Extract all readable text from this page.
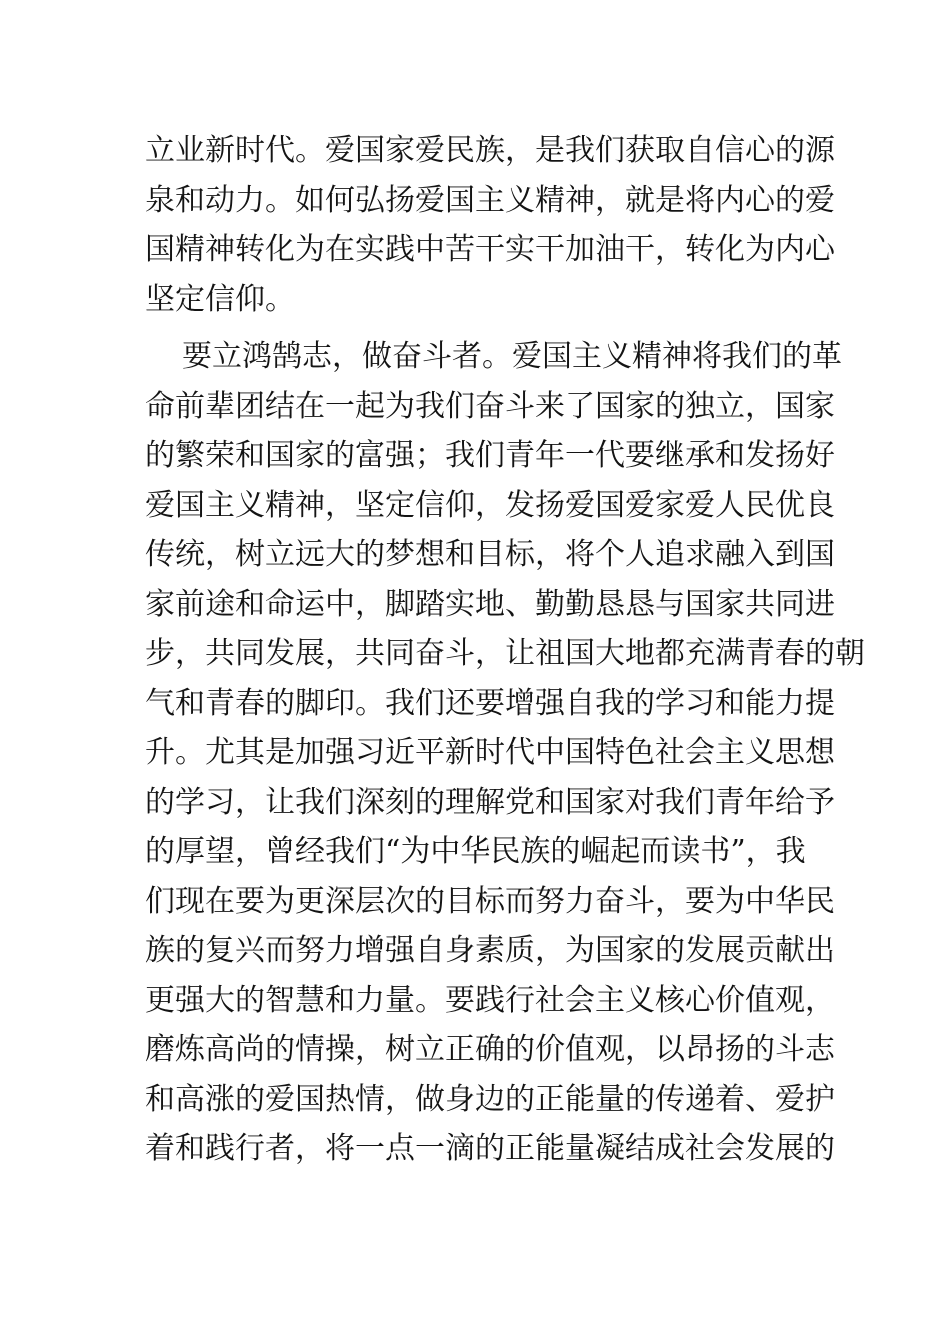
立业新时代。爱国家爱民族，是我们获取自信心的源
泉和动力。如何弘扬爱国主义精神，就是将内心的爱
国精神转化为在实践中苦干实干加油干，转化为内心
坚定信仰。
要立鸿鹄志，做奋斗者。爱国主义精神将我们的革
命前辈团结在一起为我们奋斗来了国家的独立，国家
的繁荣和国家的富强；我们青年一代要继承和发扬好
爱国主义精神，坚定信仰，发扬爱国爱家爱人民优良
传统，树立远大的梦想和目标，将个人追求融入到国
家前途和命运中，脚踏实地、勤勤恳恳与国家共同进
步，共同发展，共同奋斗，让祖国大地都充满青春的朝
气和青春的脚印。我们还要增强自我的学习和能力提
升。尤其是加强习近平新时代中国特色社会主义思想
的学习，让我们深刻的理解党和国家对我们青年给予
的厚望，曾经我们“为中华民族的崛起而读书”，我
们现在要为更深层次的目标而努力奋斗，要为中华民
族的复兴而努力增强自身素质，为国家的发展贡献出
更强大的智慧和力量。要践行社会主义核心价值观，
磨炼高尚的情操，树立正确的价值观，以昂扬的斗志
和高涨的爱国热情，做身边的正能量的传递着、爱护
着和践行者，将一点一滴的正能量凝结成社会发展的
